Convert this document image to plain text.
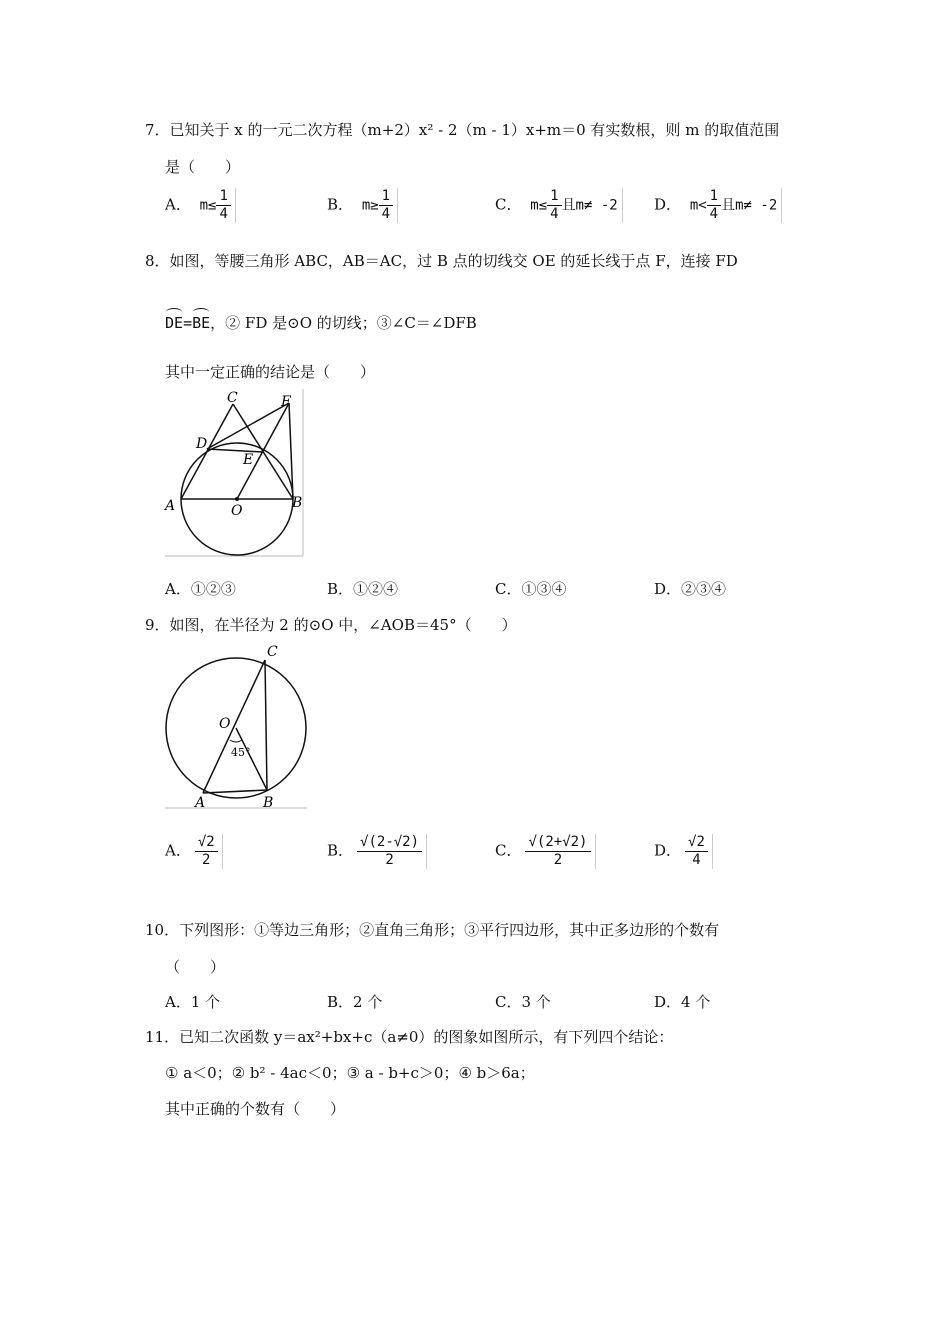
7．已知关于 x 的一元二次方程（m+2）x² - 2（m - 1）x+m＝0 有实数根，则 m 的取值范围
是（　　）
A． $m\le \frac{1}{4}$	B． $m\ge \frac{1}{4}$	C． $m\le \frac{1}{4}$ 且m≠ -2	D． $m< \frac{1}{4}$ 且m≠ -2
8．如图，等腰三角形 ABC，AB＝AC，过 B 点的切线交 OE 的延长线于点 F，连接 FD
DE=BE，② FD 是⊙O 的切线；③∠C＝∠DFB
其中一定正确的结论是（　　）
C	F
D
E
A	O	B
A．①②③	B．①②④	C．①③④	D．②③④
9．如图，在半径为 2 的⊙O 中，∠AOB＝45°（　　）
C
O
45°
A	B
A． $\frac{√2}{2}$	B． $\frac{√(2-√2)}{2}$	C． $\frac{√(2+√2)}{2}$	D． $\frac{√2}{4}$
10．下列图形：①等边三角形；②直角三角形；③平行四边形，其中正多边形的个数有
（　　）
A．1 个	B．2 个	C．3 个	D．4 个
11．已知二次函数 y＝ax²+bx+c（a≠0）的图象如图所示，有下列四个结论：
① a＜0；② b² - 4ac＜0；③ a - b+c＞0；④ b＞6a；
其中正确的个数有（　　）
